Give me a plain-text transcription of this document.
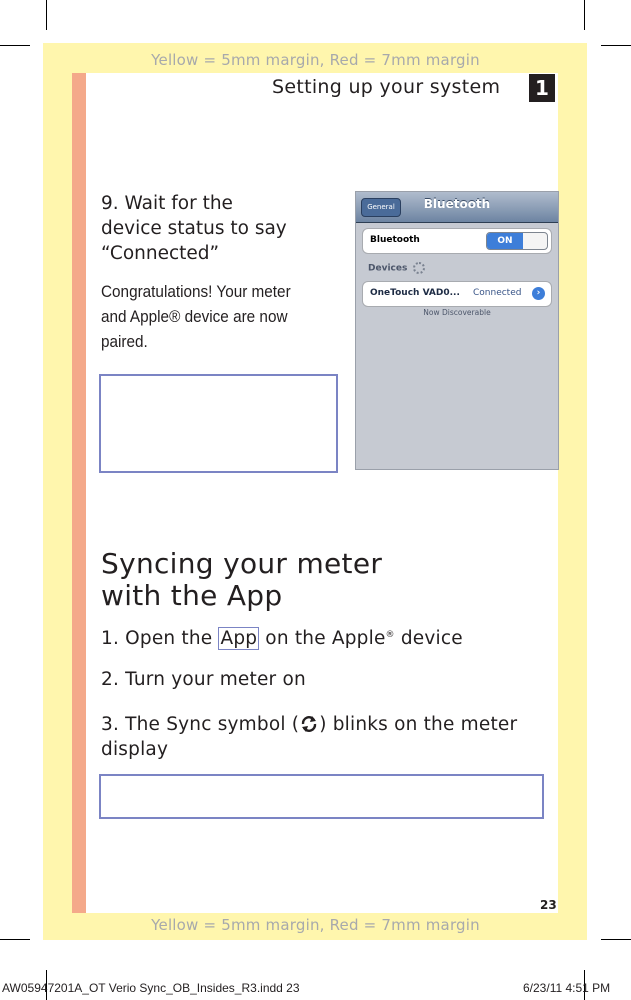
Yellow = 5mm margin, Red = 7mm margin
Yellow = 5mm margin, Red = 7mm margin
Setting up your system	1
9. Wait for the
device status to say
“Connected”
Congratulations! Your meter
and Apple® device are now
paired.
General	Bluetooth
Bluetooth	ON
Devices
OneTouch VAD0... Connected	›
Now Discoverable
Syncing your meter
with the App
1. Open the App on the Apple® device
2. Turn your meter on
3. The Sync symbol ( ) blinks on the meter
display
23
AW05947201A_OT Verio Sync_OB_Insides_R3.indd 23	6/23/11 4:51 PM
